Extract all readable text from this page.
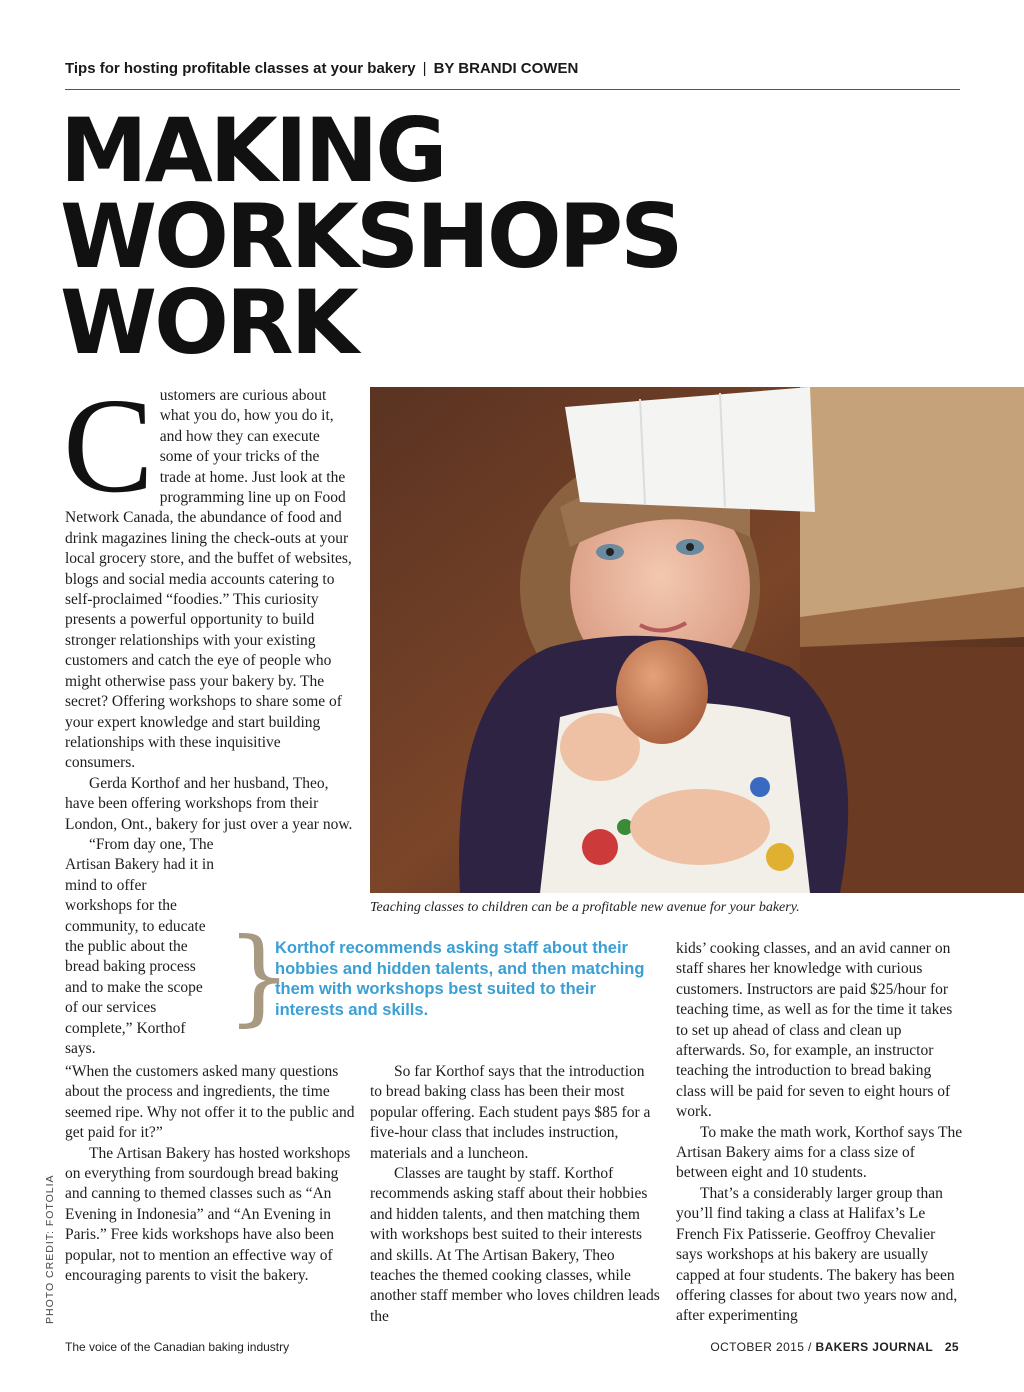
Tips for hosting profitable classes at your bakery | BY BRANDI COWEN
MAKING
WORKSHOPS
WORK

Customers are curious about what you do, how you do it, and how they can execute some of your tricks of the trade at home. Just look at the programming line up on Food Network Canada, the abundance of food and drink magazines lining the check-outs at your local grocery store, and the buffet of websites, blogs and social media accounts catering to self-proclaimed “foodies.” This curiosity presents a powerful opportunity to build stronger relationships with your existing customers and catch the eye of people who might otherwise pass your bakery by. The secret? Offering workshops to share some of your expert knowledge and start building relationships with these inquisitive consumers.

Gerda Korthof and her husband, Theo, have been offering workshops from their London, Ont., bakery for just over a year now.

“From day one, The Artisan Bakery had it in mind to offer workshops for the community, to educate the public about the bread baking process and to make the scope of our services complete,” Korthof says.

“When the customers asked many questions about the process and ingredients, the time seemed ripe. Why not offer it to the public and get paid for it?”

The Artisan Bakery has hosted workshops on everything from sourdough bread baking and canning to themed classes such as “An Evening in Indonesia” and “An Evening in Paris.” Free kids workshops have also been popular, not to mention an effective way of encouraging parents to visit the bakery.

Teaching classes to children can be a profitable new avenue for your bakery.
}
Korthof recommends asking staff about their hobbies and hidden talents, and then matching them with workshops best suited to their interests and skills.

So far Korthof says that the introduction to bread baking class has been their most popular offering. Each student pays $85 for a five-hour class that includes instruction, materials and a luncheon.

Classes are taught by staff. Korthof recommends asking staff about their hobbies and hidden talents, and then matching them with workshops best suited to their interests and skills. At The Artisan Bakery, Theo teaches the themed cooking classes, while another staff member who loves children leads the

kids’ cooking classes, and an avid canner on staff shares her knowledge with curious customers. Instructors are paid $25/hour for teaching time, as well as for the time it takes to set up ahead of class and clean up afterwards. So, for example, an instructor teaching the introduction to bread baking class will be paid for seven to eight hours of work.

To make the math work, Korthof says The Artisan Bakery aims for a class size of between eight and 10 students.

That’s a considerably larger group than you’ll find taking a class at Halifax’s Le French Fix Patisserie. Geoffroy Chevalier says workshops at his bakery are usually capped at four students. The bakery has been offering classes for about two years now and, after experimenting

PHOTO CREDIT: FOTOLIA
The voice of the Canadian baking industry	OCTOBER 2015 / BAKERS JOURNAL 25
